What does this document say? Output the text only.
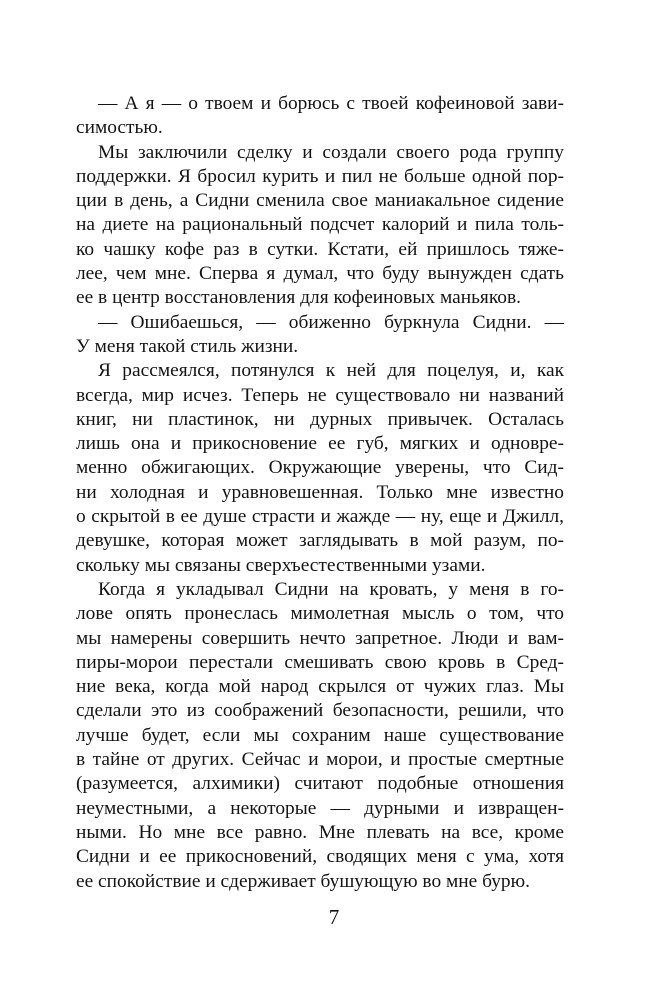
— А я — о твоем и борюсь с твоей кофеиновой зави-
симостью.
Мы заключили сделку и создали своего рода группу
поддержки. Я бросил курить и пил не больше одной пор-
ции в день, а Сидни сменила свое маниакальное сидение
на диете на рациональный подсчет калорий и пила толь-
ко чашку кофе раз в сутки. Кстати, ей пришлось тяже-
лее, чем мне. Сперва я думал, что буду вынужден сдать
ее в центр восстановления для кофеиновых маньяков.
— Ошибаешься, — обиженно буркнула Сидни. —
У меня такой стиль жизни.
Я рассмеялся, потянулся к ней для поцелуя, и, как
всегда, мир исчез. Теперь не существовало ни названий
книг, ни пластинок, ни дурных привычек. Осталась
лишь она и прикосновение ее губ, мягких и одновре-
менно обжигающих. Окружающие уверены, что Сид-
ни холодная и уравновешенная. Только мне известно
о скрытой в ее душе страсти и жажде — ну, еще и Джилл,
девушке, которая может заглядывать в мой разум, по-
скольку мы связаны сверхъестественными узами.
Когда я укладывал Сидни на кровать, у меня в го-
лове опять пронеслась мимолетная мысль о том, что
мы намерены совершить нечто запретное. Люди и вам-
пиры-морои перестали смешивать свою кровь в Сред-
ние века, когда мой народ скрылся от чужих глаз. Мы
сделали это из соображений безопасности, решили, что
лучше будет, если мы сохраним наше существование
в тайне от других. Сейчас и морои, и простые смертные
(разумеется, алхимики) считают подобные отношения
неуместными, а некоторые — дурными и извращен-
ными. Но мне все равно. Мне плевать на все, кроме
Сидни и ее прикосновений, сводящих меня с ума, хотя
ее спокойствие и сдерживает бушующую во мне бурю.
7
